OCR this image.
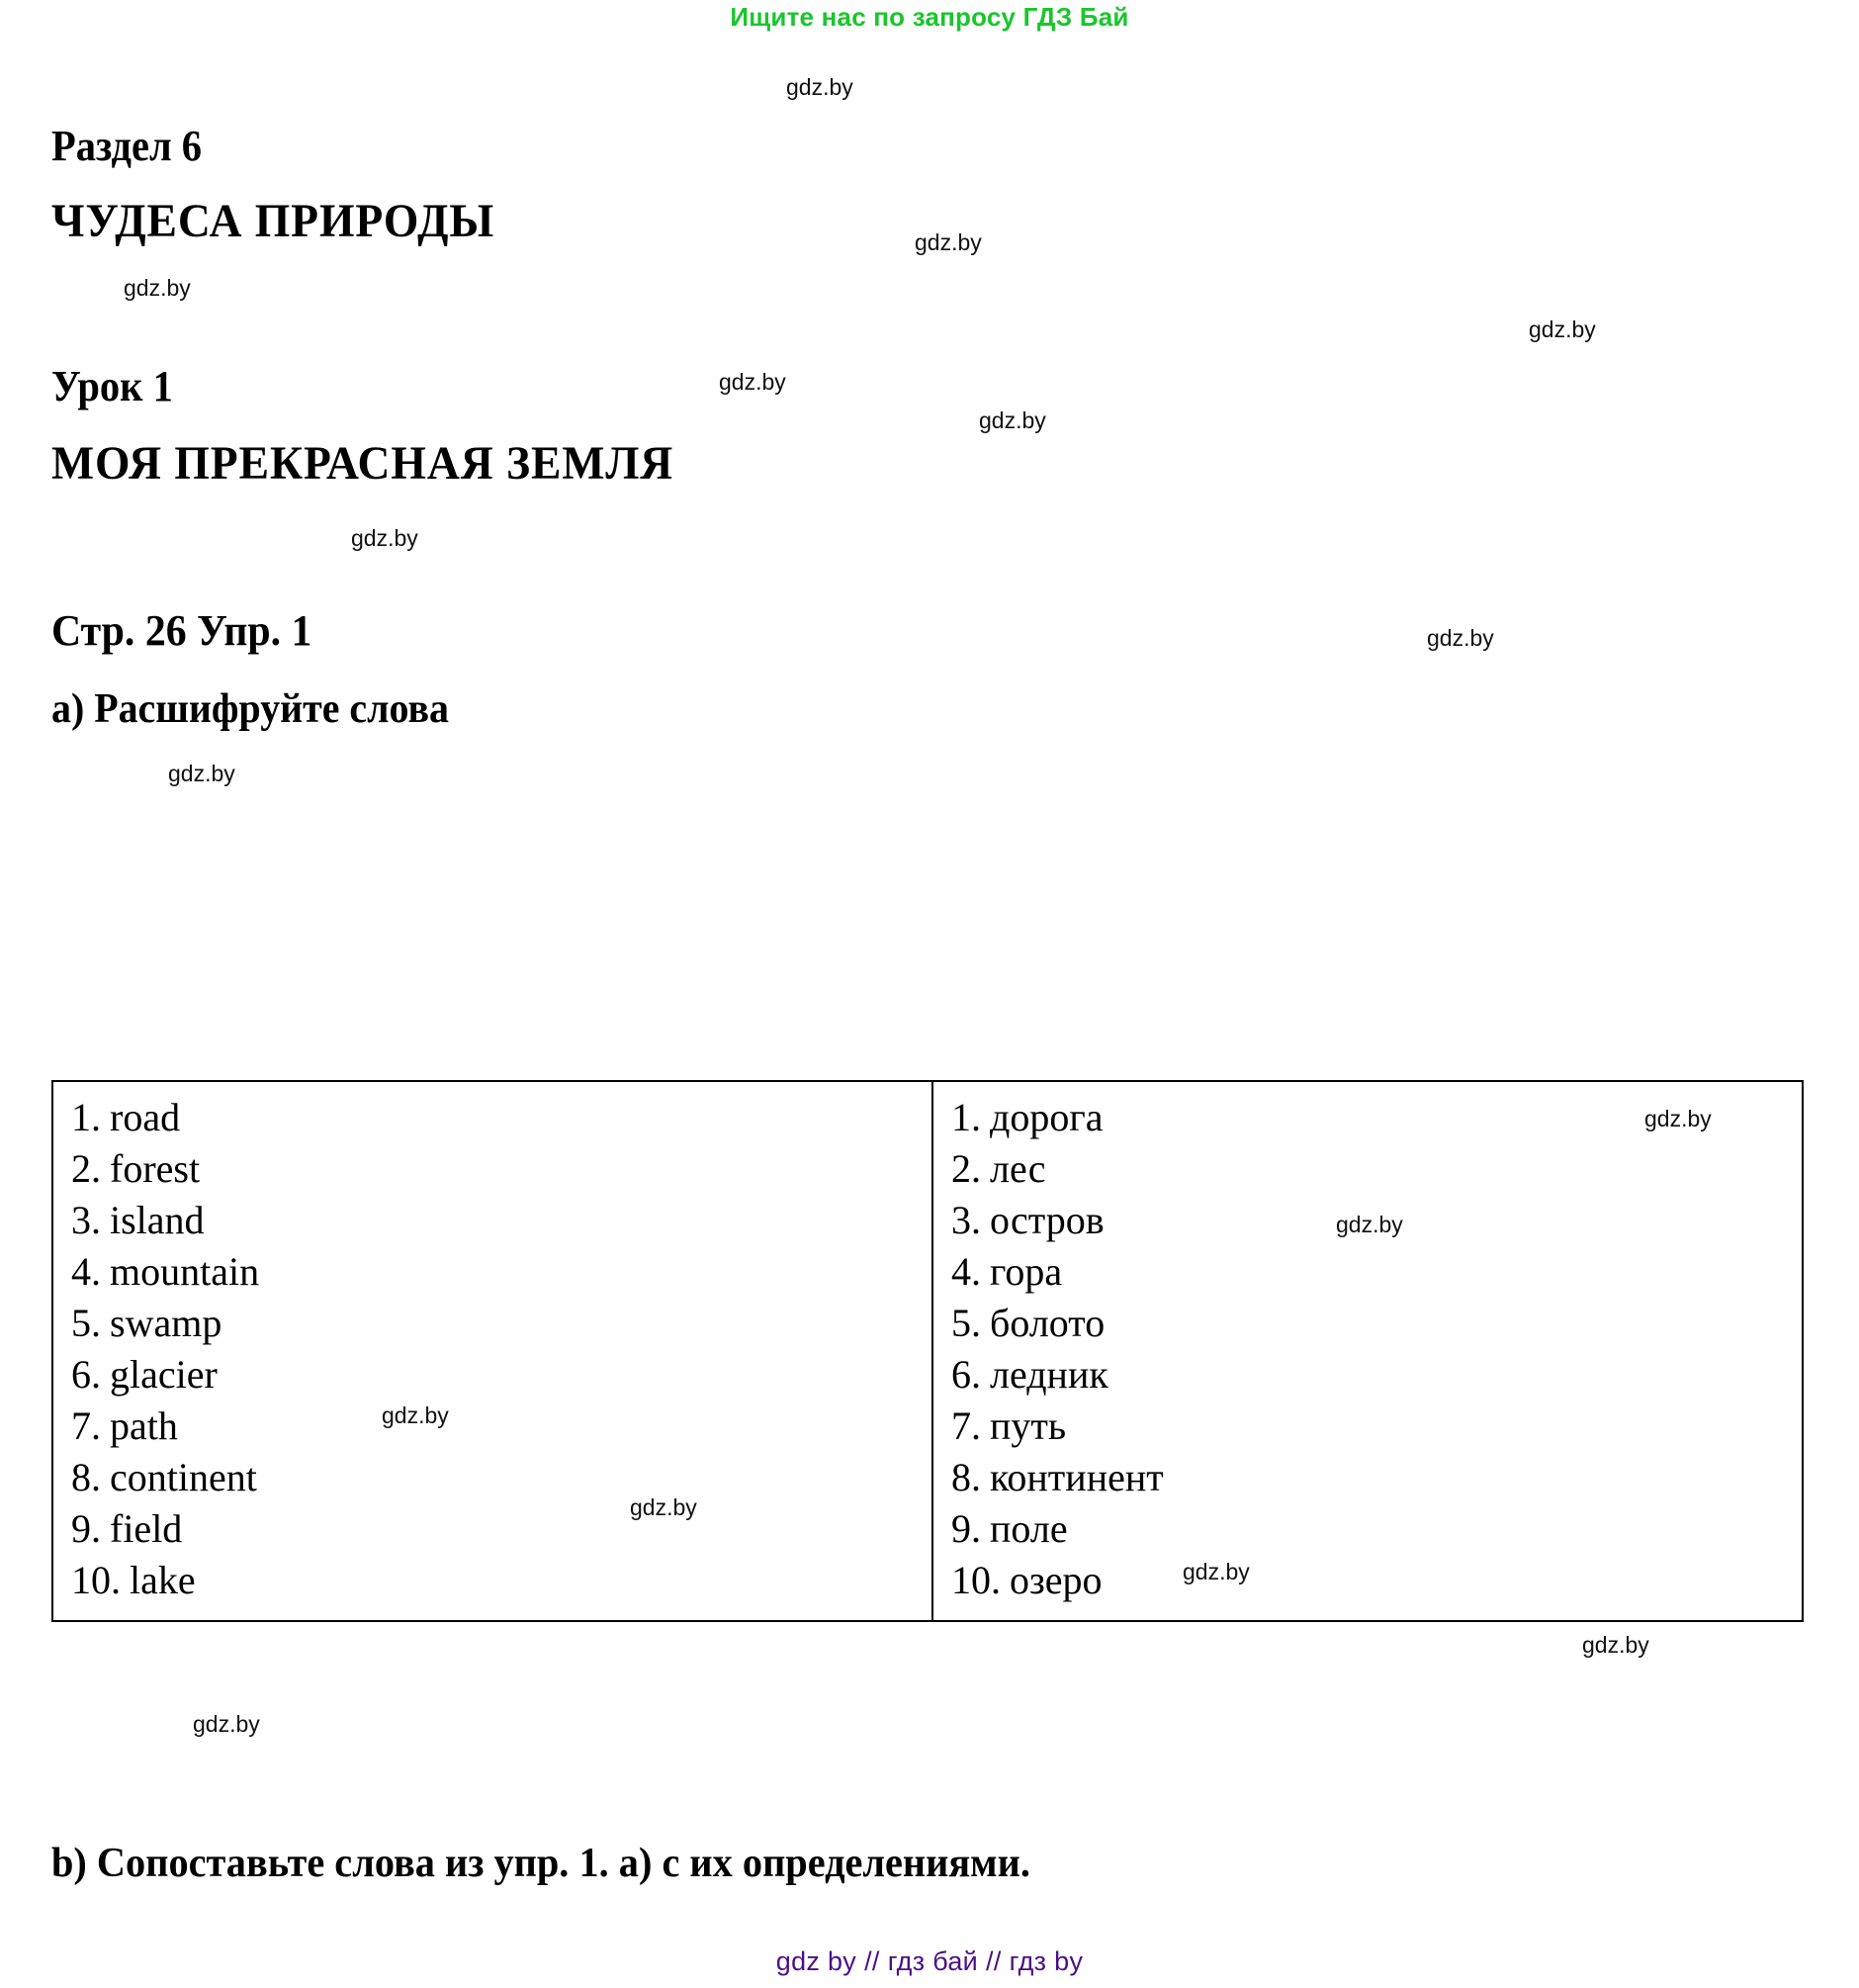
Ищите нас по запросу ГДЗ Бай
gdz.by
gdz.by
gdz.by
gdz.by
gdz.by
gdz.by
gdz.by
gdz.by
gdz.by
gdz.by
gdz.by
gdz.by
gdz.by
gdz.by
gdz.by
gdz.by
Раздел 6
ЧУДЕСА ПРИРОДЫ
Урок 1
МОЯ ПРЕКРАСНАЯ ЗЕМЛЯ
Стр. 26 Упр. 1
a) Расшифруйте слова
1. road
2. forest
3. island
4. mountain
5. swamp
6. glacier
7. path
8. continent
9. field
10. lake

1. дорога
2. лес
3. остров
4. гора
5. болото
6. ледник
7. путь
8. континент
9. поле
10. озеро
b) Сопоставьте слова из упр. 1. a) с их определениями.
gdz by // гдз бай // гдз by
